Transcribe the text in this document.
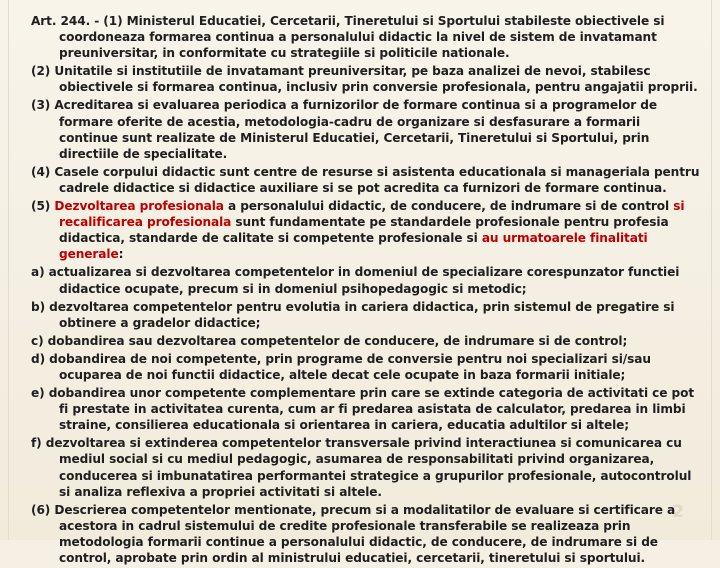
Art. 244. - (1) Ministerul Educatiei, Cercetarii, Tineretului si Sportului stabileste obiectivele si coordoneaza formarea continua a personalului didactic la nivel de sistem de invatamant preuniversitar, in conformitate cu strategiile si politicile nationale.
(2) Unitatile si institutiile de invatamant preuniversitar, pe baza analizei de nevoi, stabilesc obiectivele si formarea continua, inclusiv prin conversie profesionala, pentru angajatii proprii.
(3) Acreditarea si evaluarea periodica a furnizorilor de formare continua si a programelor de formare oferite de acestia, metodologia-cadru de organizare si desfasurare a formarii continue sunt realizate de Ministerul Educatiei, Cercetarii, Tineretului si Sportului, prin directiile de specialitate.
(4) Casele corpului didactic sunt centre de resurse si asistenta educationala si manageriala pentru cadrele didactice si didactice auxiliare si se pot acredita ca furnizori de formare continua.
(5) Dezvoltarea profesionala a personalului didactic, de conducere, de indrumare si de control si recalificarea profesionala sunt fundamentate pe standardele profesionale pentru profesia didactica, standarde de calitate si competente profesionale si au urmatoarele finalitati generale:
a) actualizarea si dezvoltarea competentelor in domeniul de specializare corespunzator functiei didactice ocupate, precum si in domeniul psihopedagogic si metodic;
b) dezvoltarea competentelor pentru evolutia in cariera didactica, prin sistemul de pregatire si obtinere a gradelor didactice;
c) dobandirea sau dezvoltarea competentelor de conducere, de indrumare si de control;
d) dobandirea de noi competente, prin programe de conversie pentru noi specializari si/sau ocuparea de noi functii didactice, altele decat cele ocupate in baza formarii initiale;
e) dobandirea unor competente complementare prin care se extinde categoria de activitati ce pot fi prestate in activitatea curenta, cum ar fi predarea asistata de calculator, predarea in limbi straine, consilierea educationala si orientarea in cariera, educatia adultilor si altele;
f) dezvoltarea si extinderea competentelor transversale privind interactiunea si comunicarea cu mediul social si cu mediul pedagogic, asumarea de responsabilitati privind organizarea, conducerea si imbunatatirea performantei strategice a grupurilor profesionale, autocontrolul si analiza reflexiva a propriei activitati si altele.
(6) Descrierea competentelor mentionate, precum si a modalitatilor de evaluare si certificare a acestora in cadrul sistemului de credite profesionale transferabile se realizeaza prin metodologia formarii continue a personalului didactic, de conducere, de indrumare si de control, aprobate prin ordin al ministrului educatiei, cercetarii, tineretului si sportului.
2
